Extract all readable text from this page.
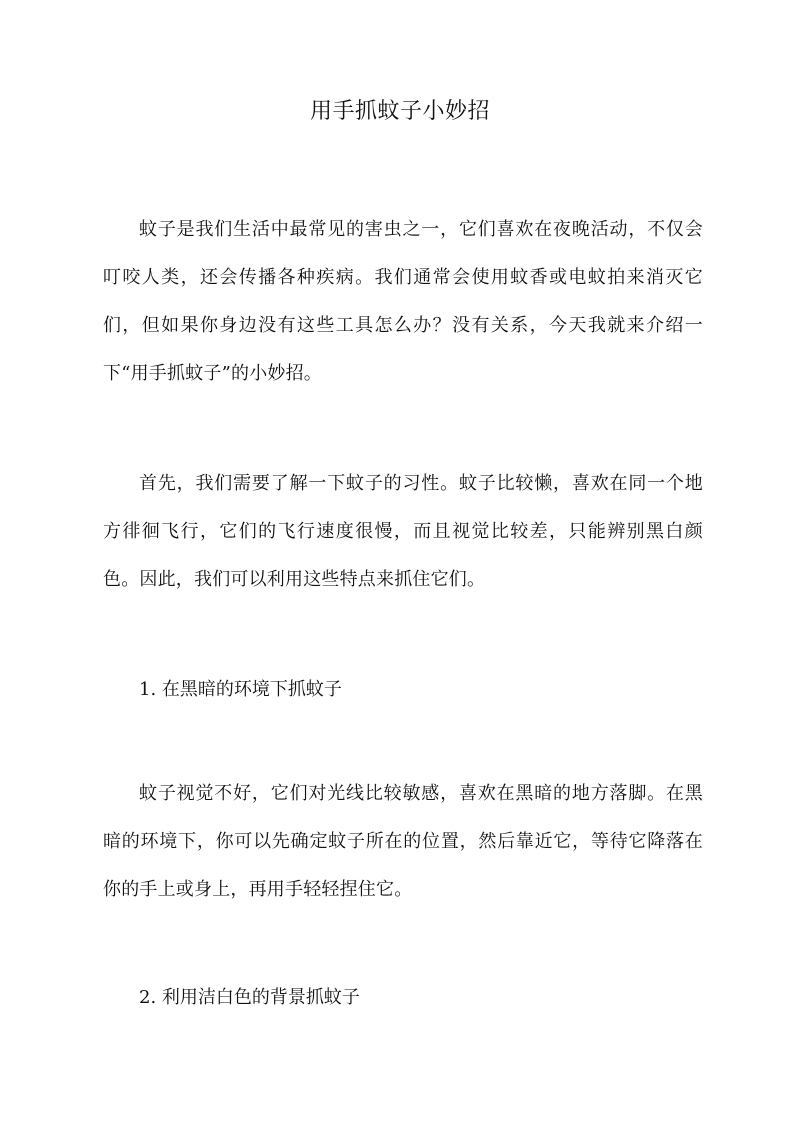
用手抓蚊子小妙招

蚊子是我们生活中最常见的害虫之一，它们喜欢在夜晚活动，不仅会叮咬人类，还会传播各种疾病。我们通常会使用蚊香或电蚊拍来消灭它们，但如果你身边没有这些工具怎么办？没有关系，今天我就来介绍一下“用手抓蚊子”的小妙招。

首先，我们需要了解一下蚊子的习性。蚊子比较懒，喜欢在同一个地方徘徊飞行，它们的飞行速度很慢，而且视觉比较差，只能辨别黑白颜色。因此，我们可以利用这些特点来抓住它们。

1. 在黑暗的环境下抓蚊子

蚊子视觉不好，它们对光线比较敏感，喜欢在黑暗的地方落脚。在黑暗的环境下，你可以先确定蚊子所在的位置，然后靠近它，等待它降落在你的手上或身上，再用手轻轻捏住它。

2. 利用洁白色的背景抓蚊子
